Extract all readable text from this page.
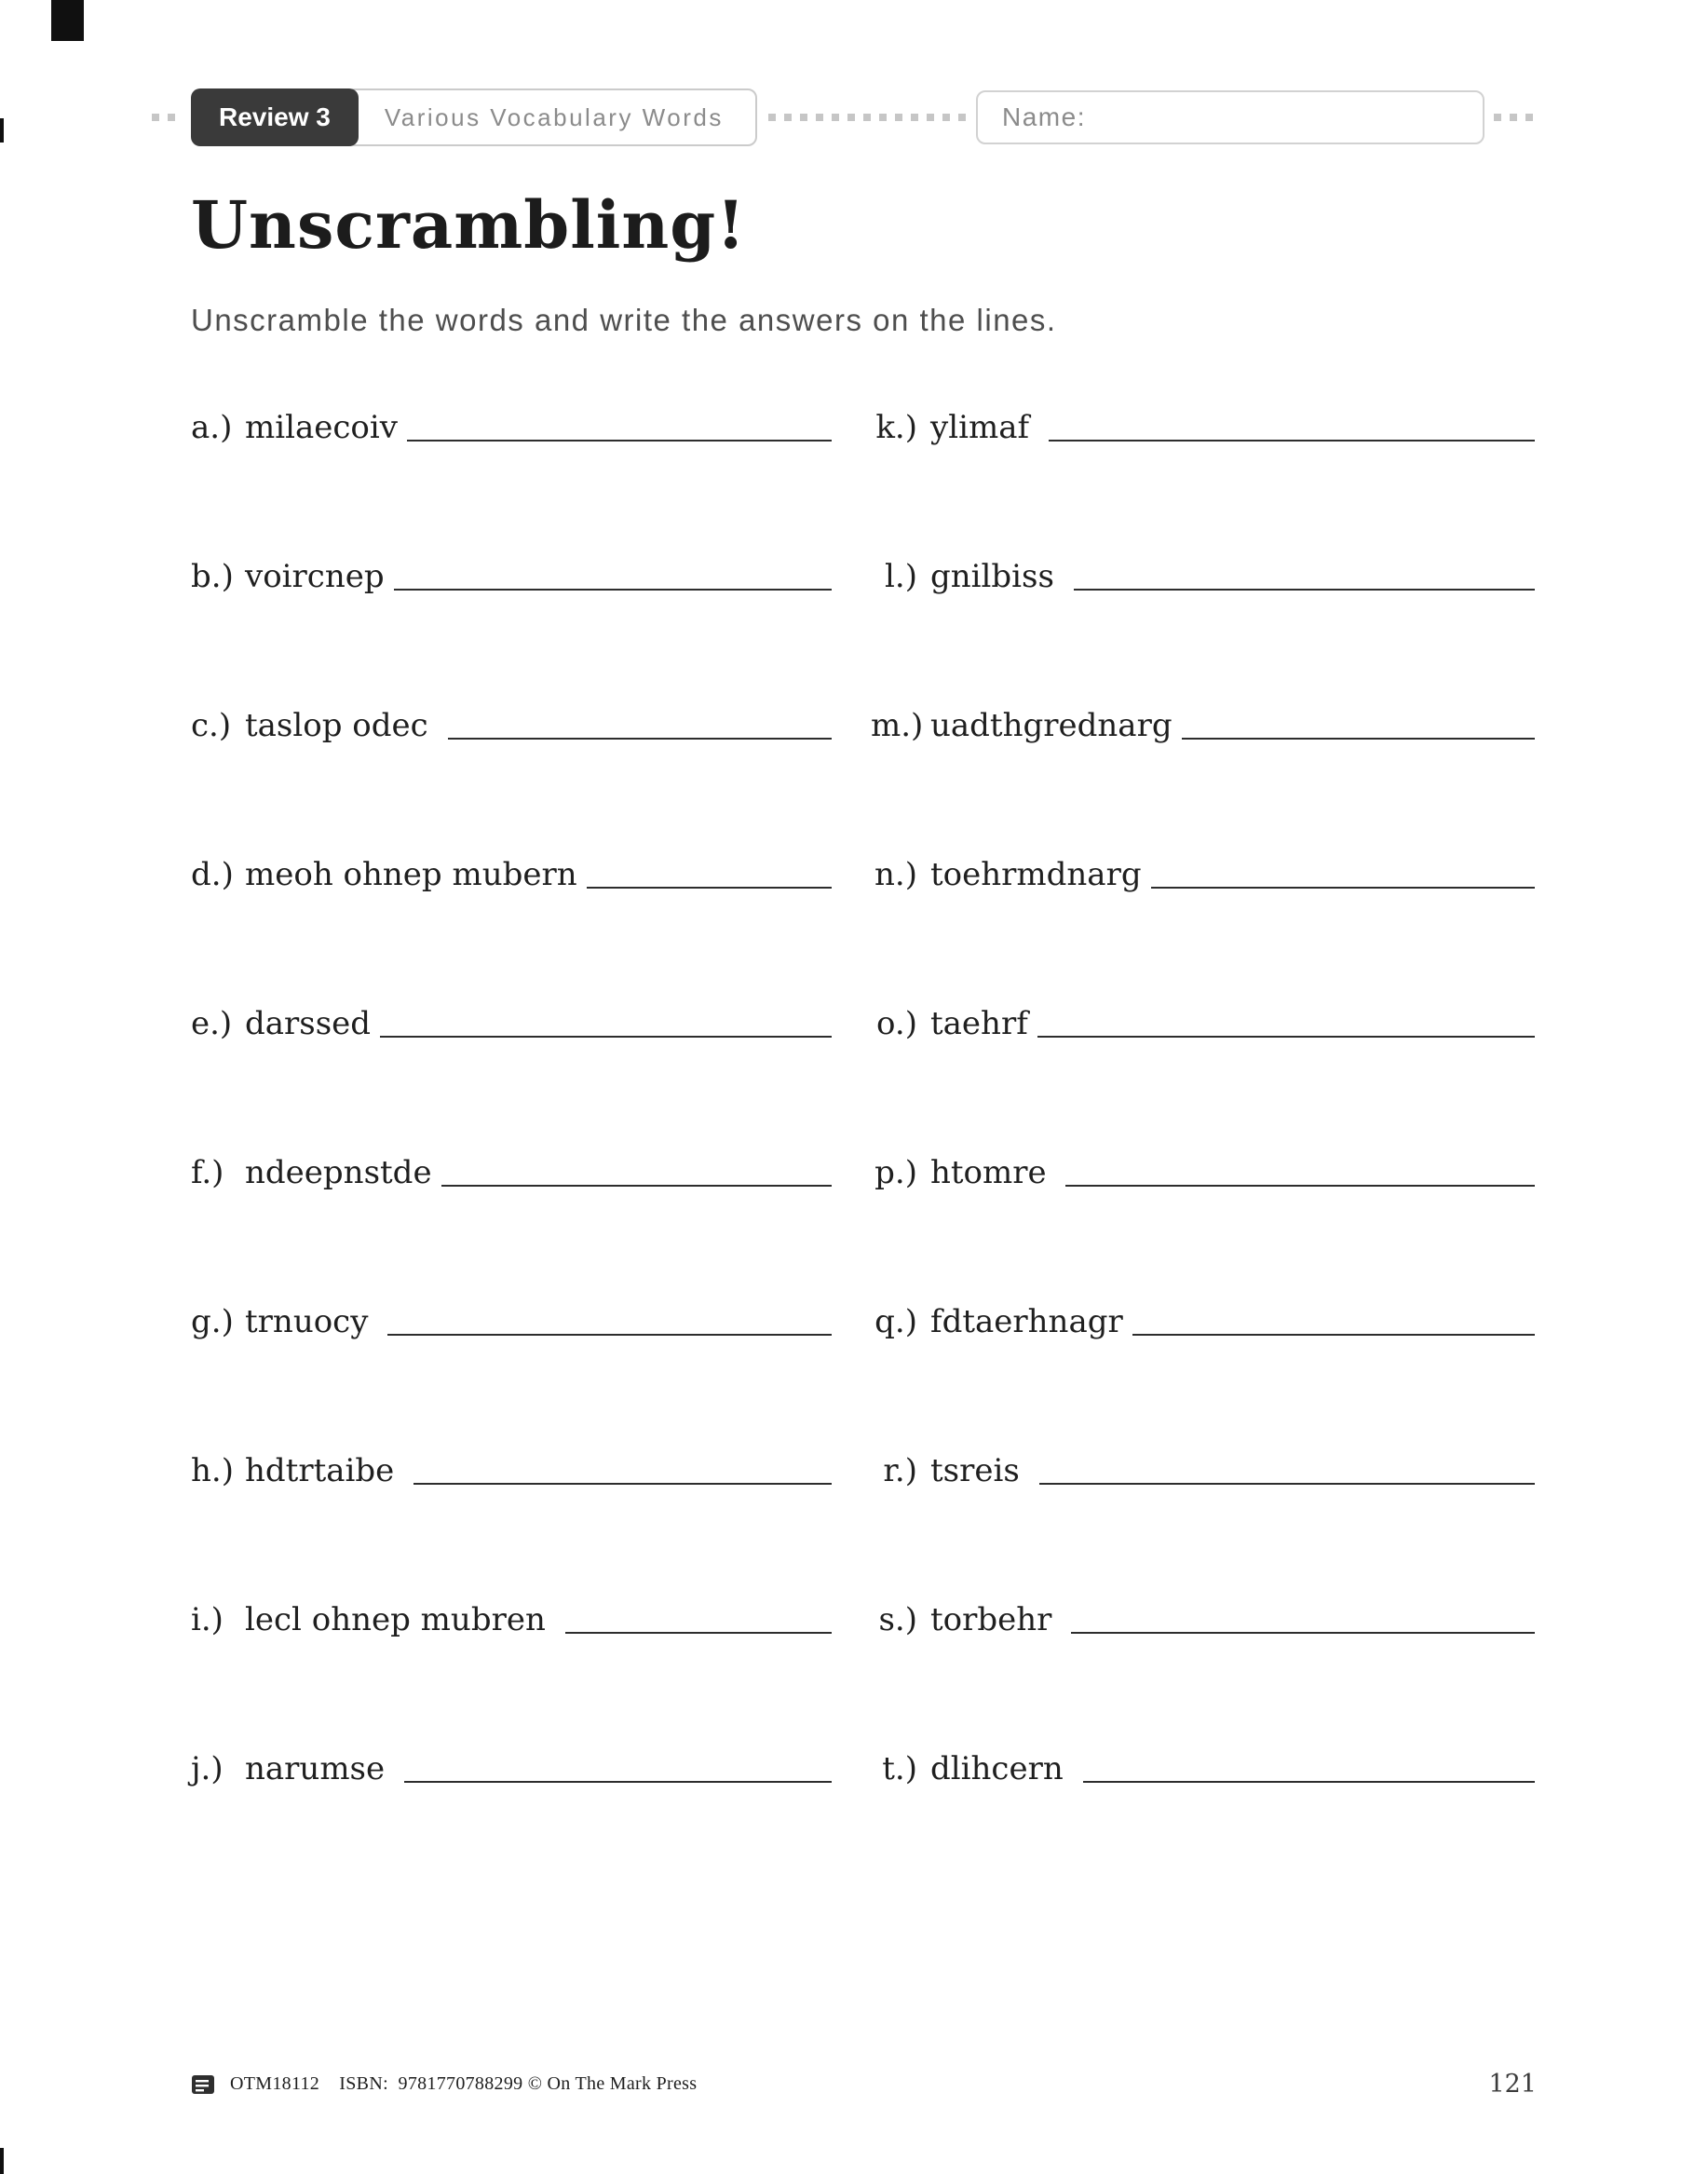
Review 3	Various Vocabulary Words	Name:
Unscrambling!

Unscramble the words and write the answers on the lines.

a.) milaecoiv
b.) voircnep
c.) taslop odec
d.) meoh ohnep mubern
e.) darssed
f.) ndeepnstde
g.) trnuocy
h.) hdtrtaibe
i.) lecl ohnep mubren
j.) narumse
k.) ylimaf
l.) gnilbiss
m.) uadthgrednarg
n.) toehrmdnarg
o.) taehrf
p.) htomre
q.) fdtaerhnagr
r.) tsreis
s.) torbehr
t.) dlihcern
OTM18112    ISBN:  9781770788299 © On The Mark Press	121
